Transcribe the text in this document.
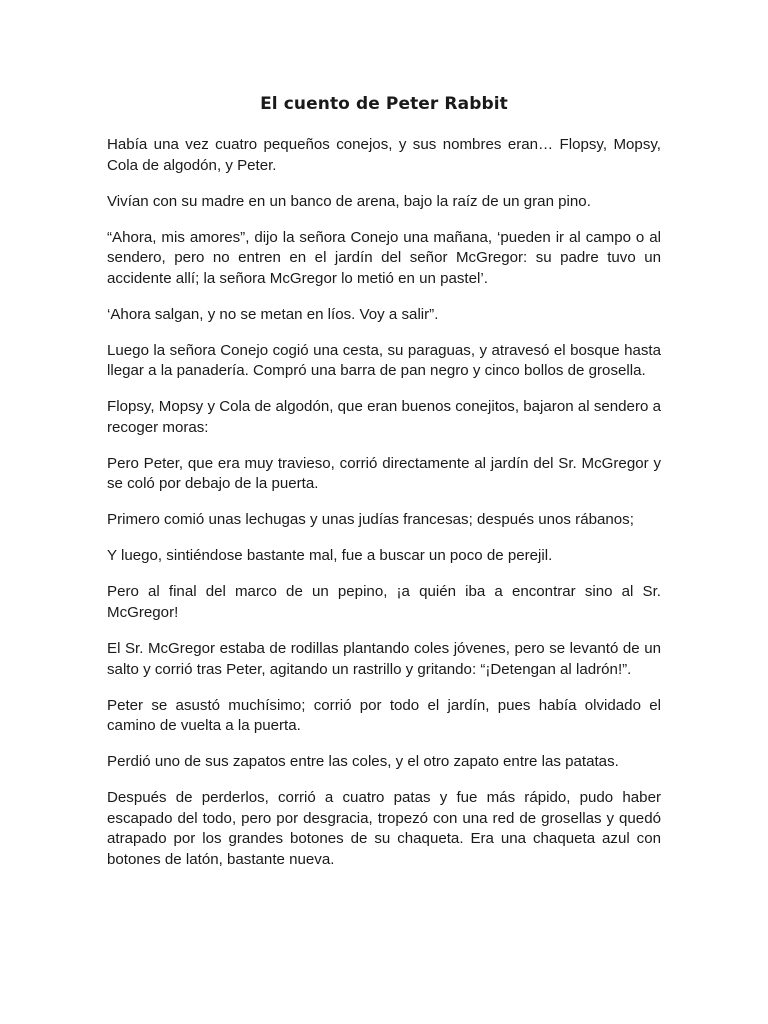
El cuento de Peter Rabbit

Había una vez cuatro pequeños conejos, y sus nombres eran… Flopsy, Mopsy, Cola de algodón, y Peter.

Vivían con su madre en un banco de arena, bajo la raíz de un gran pino.

“Ahora, mis amores”, dijo la señora Conejo una mañana, ‘pueden ir al campo o al sendero, pero no entren en el jardín del señor McGregor: su padre tuvo un accidente allí; la señora McGregor lo metió en un pastel’.

‘Ahora salgan, y no se metan en líos. Voy a salir”.

Luego la señora Conejo cogió una cesta, su paraguas, y atravesó el bosque hasta llegar a la panadería. Compró una barra de pan negro y cinco bollos de grosella.

Flopsy, Mopsy y Cola de algodón, que eran buenos conejitos, bajaron al sendero a recoger moras:

Pero Peter, que era muy travieso, corrió directamente al jardín del Sr. McGregor y se coló por debajo de la puerta.

Primero comió unas lechugas y unas judías francesas; después unos rábanos;

Y luego, sintiéndose bastante mal, fue a buscar un poco de perejil.

Pero al final del marco de un pepino, ¡a quién iba a encontrar sino al Sr. McGregor!

El Sr. McGregor estaba de rodillas plantando coles jóvenes, pero se levantó de un salto y corrió tras Peter, agitando un rastrillo y gritando: “¡Detengan al ladrón!”.

Peter se asustó muchísimo; corrió por todo el jardín, pues había olvidado el camino de vuelta a la puerta.

Perdió uno de sus zapatos entre las coles, y el otro zapato entre las patatas.

Después de perderlos, corrió a cuatro patas y fue más rápido, pudo haber escapado del todo, pero por desgracia, tropezó con una red de grosellas y quedó atrapado por los grandes botones de su chaqueta. Era una chaqueta azul con botones de latón, bastante nueva.
